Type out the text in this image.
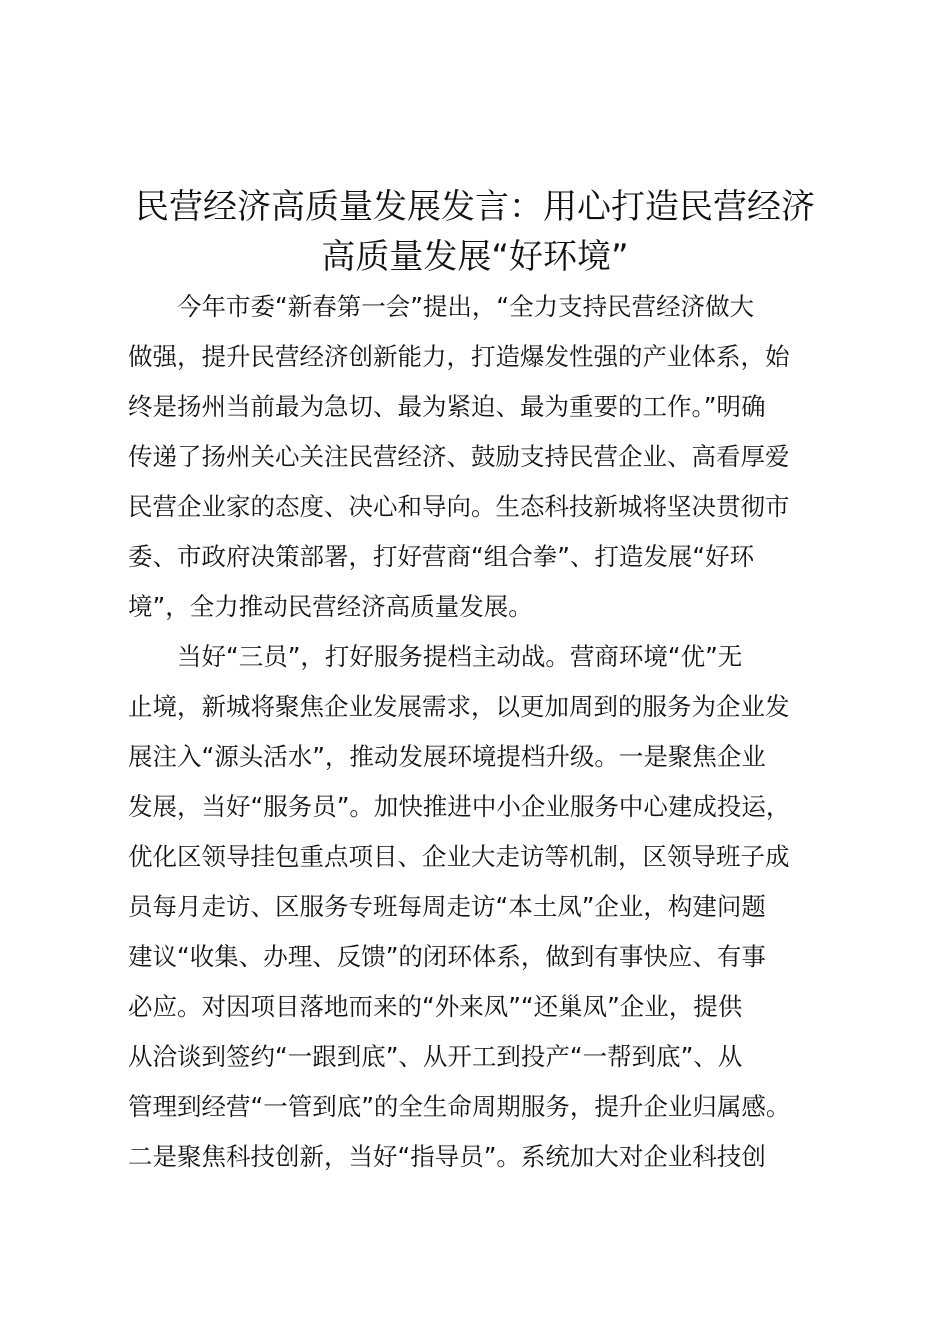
民营经济高质量发展发言：用心打造民营经济
高质量发展“好环境”
今年市委“新春第一会”提出，“全力支持民营经济做大
做强，提升民营经济创新能力，打造爆发性强的产业体系，始
终是扬州当前最为急切、最为紧迫、最为重要的工作。”明确
传递了扬州关心关注民营经济、鼓励支持民营企业、高看厚爱
民营企业家的态度、决心和导向。生态科技新城将坚决贯彻市
委、市政府决策部署，打好营商“组合拳”、打造发展“好环
境”，全力推动民营经济高质量发展。
当好“三员”，打好服务提档主动战。营商环境“优”无
止境，新城将聚焦企业发展需求，以更加周到的服务为企业发
展注入“源头活水”，推动发展环境提档升级。一是聚焦企业
发展，当好“服务员”。加快推进中小企业服务中心建成投运，
优化区领导挂包重点项目、企业大走访等机制，区领导班子成
员每月走访、区服务专班每周走访“本土凤”企业，构建问题
建议“收集、办理、反馈”的闭环体系，做到有事快应、有事
必应。对因项目落地而来的“外来凤”“还巢凤”企业，提供
从洽谈到签约“一跟到底”、从开工到投产“一帮到底”、从
管理到经营“一管到底”的全生命周期服务，提升企业归属感。
二是聚焦科技创新，当好“指导员”。系统加大对企业科技创
